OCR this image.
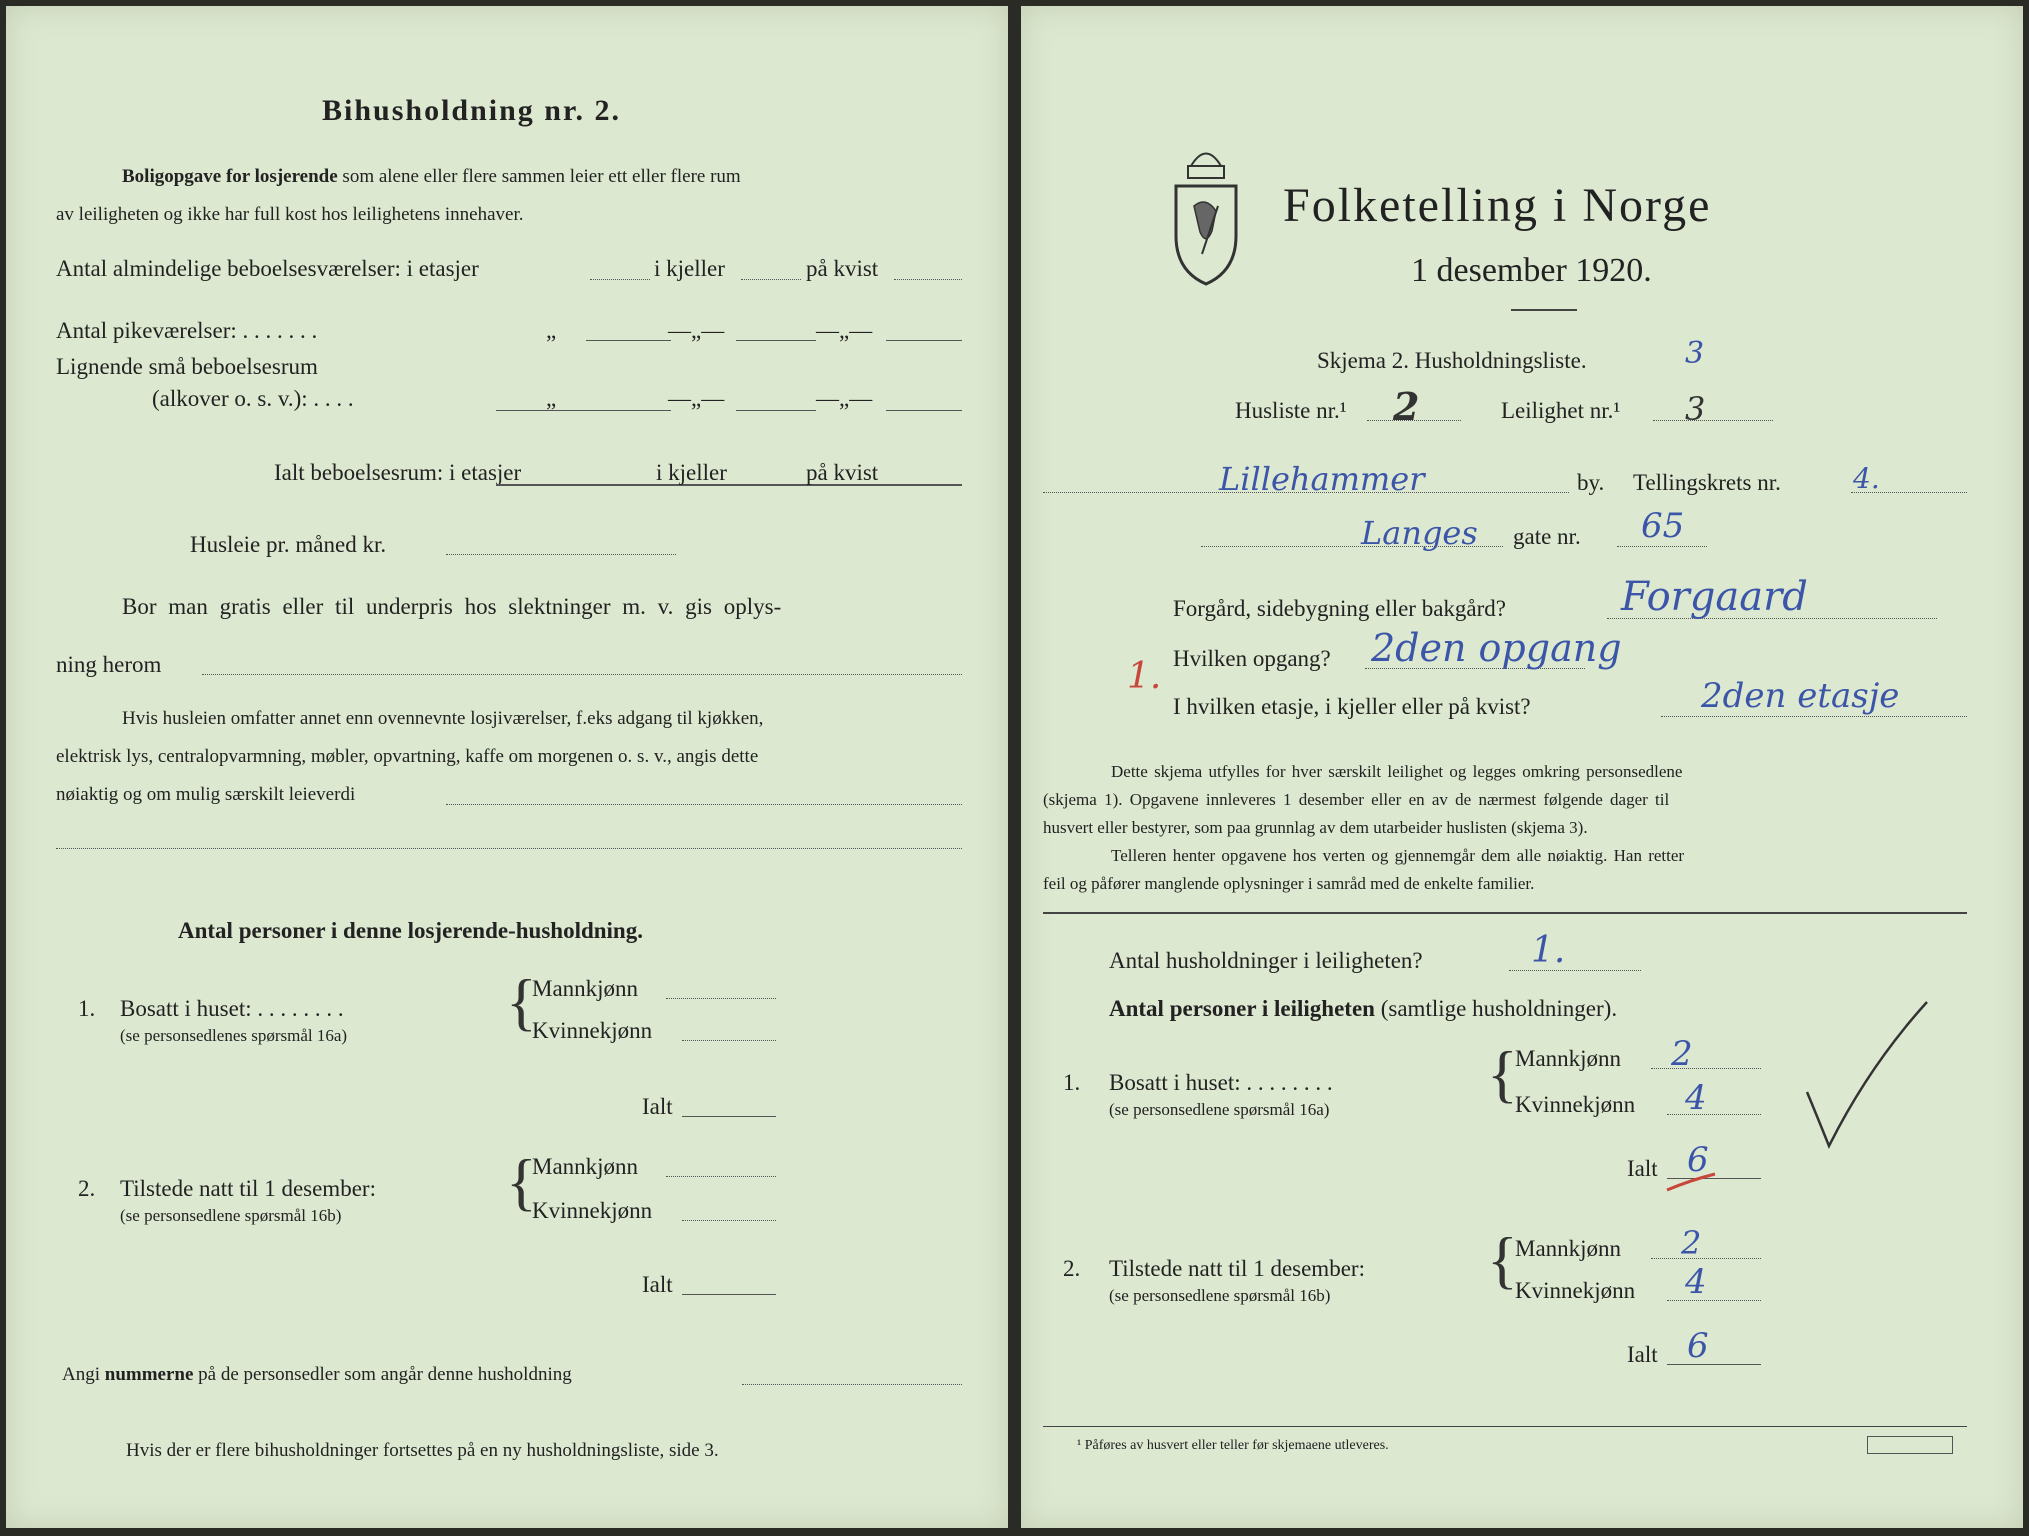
Bihusholdning nr. 2.
Boligopgave for losjerende som alene eller flere sammen leier ett eller flere rum
av leiligheten og ikke har full kost hos leilighetens innehaver.
Antal almindelige beboelsesværelser: i etasjer	i kjeller	på kvist
Antal pikeværelser: . . . . . . .	„	—„—	—„—
Lignende små beboelsesrum
(alkover o. s. v.): . . . .	„	—„—	—„—
Ialt beboelsesrum: i etasjer	i kjeller	på kvist
Husleie pr. måned kr.
Bor man gratis eller til underpris hos slektninger m. v. gis oplys-
ning herom
Hvis husleien omfatter annet enn ovennevnte losjiværelser, f.eks adgang til kjøkken,
elektrisk lys, centralopvarmning, møbler, opvartning, kaffe om morgenen o. s. v., angis dette
nøiaktig og om mulig særskilt leieverdi
Antal personer i denne losjerende-husholdning.
1. Bosatt i huset: . . . . . . . .
(se personsedlenes spørsmål 16a) {
Mannkjønn
Kvinnekjønn
Ialt
2. Tilstede natt til 1 desember:
(se personsedlene spørsmål 16b)	{
Mannkjønn
Kvinnekjønn
Ialt
Angi nummerne på de personsedler som angår denne husholdning
Hvis der er flere bihusholdninger fortsettes på en ny husholdningsliste, side 3.
Folketelling i Norge
1 desember 1920.
Skjema 2. Husholdningsliste.	3
Husliste nr.¹ 2	Leilighet nr.¹ 3
Lillehammer	by. Tellingskrets nr.	4.
Langes gate nr. 65
Forgård, sidebygning eller bakgård?	Forgaard
1. Hvilken opgang? 2den opgang
I hvilken etasje, i kjeller eller på kvist?	2den etasje
Dette skjema utfylles for hver særskilt leilighet og legges omkring personsedlene
(skjema 1). Opgavene innleveres 1 desember eller en av de nærmest følgende dager til
husvert eller bestyrer, som paa grunnlag av dem utarbeider huslisten (skjema 3).
Telleren henter opgavene hos verten og gjennemgår dem alle nøiaktig. Han retter
feil og påfører manglende oplysninger i samråd med de enkelte familier.
Antal husholdninger i leiligheten?	1.
Antal personer i leiligheten (samtlige husholdninger).
1. Bosatt i huset: . . . . . . . .
(se personsedlene spørsmål 16a)
{
Mannkjønn 2
Kvinnekjønn 4
Ialt 6
2. Tilstede natt til 1 desember:
(se personsedlene spørsmål 16b)
{
Mannkjønn 2
Kvinnekjønn 4
Ialt 6
¹ Påføres av husvert eller teller før skjemaene utleveres.
